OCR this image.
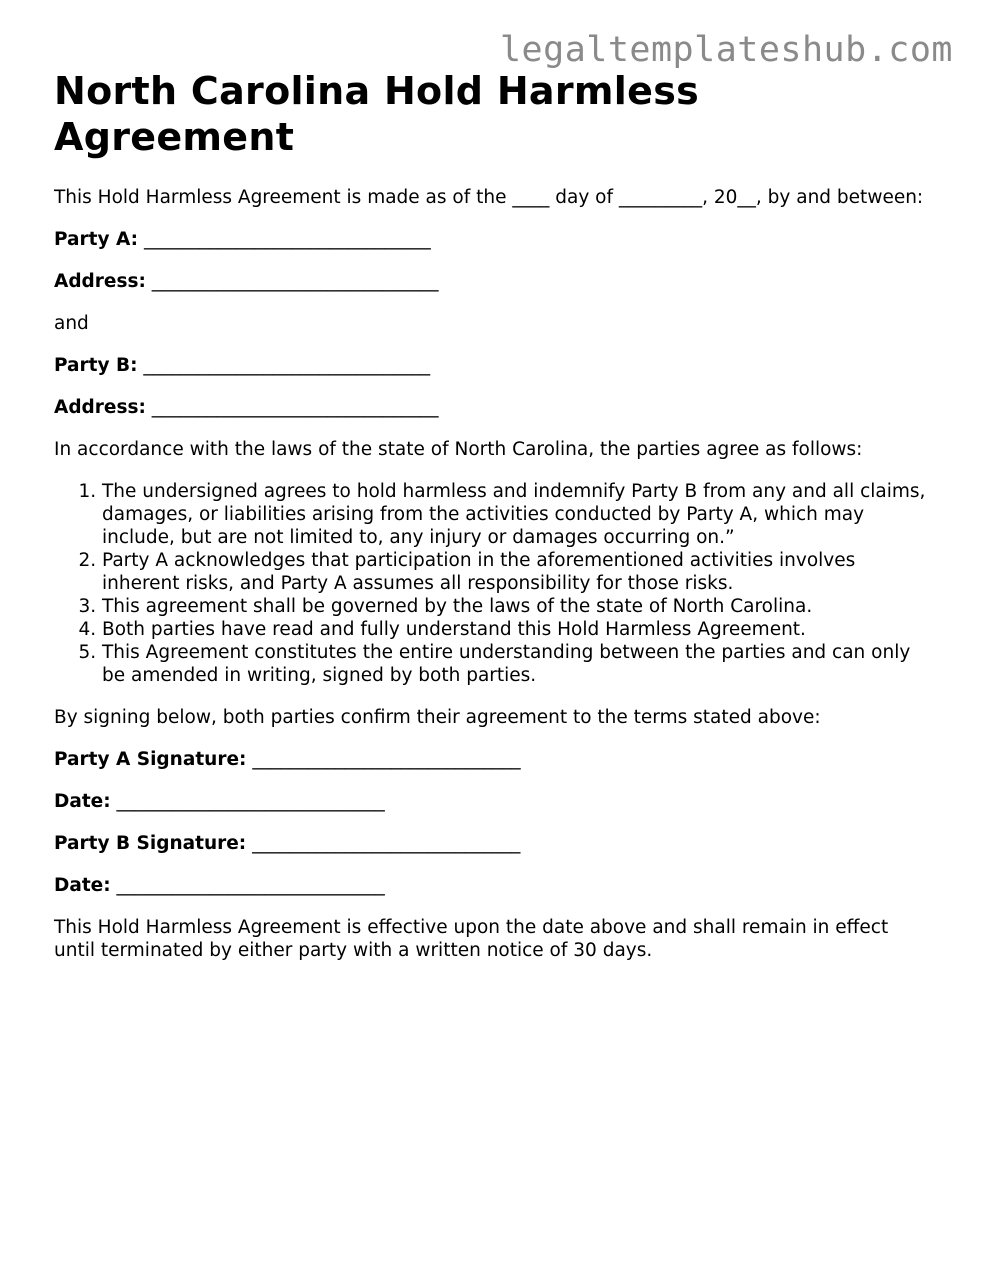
legaltemplateshub.com
North Carolina Hold Harmless Agreement

This Hold Harmless Agreement is made as of the ____ day of _________, 20__, by and between:

Party A: _______________________________

Address: _______________________________

and

Party B: _______________________________

Address: _______________________________

In accordance with the laws of the state of North Carolina, the parties agree as follows:

1. The undersigned agrees to hold harmless and indemnify Party B from any and all claims, damages, or liabilities arising from the activities conducted by Party A, which may include, but are not limited to, any injury or damages occurring on.”
2. Party A acknowledges that participation in the aforementioned activities involves inherent risks, and Party A assumes all responsibility for those risks.
3. This agreement shall be governed by the laws of the state of North Carolina.
4. Both parties have read and fully understand this Hold Harmless Agreement.
5. This Agreement constitutes the entire understanding between the parties and can only be amended in writing, signed by both parties.

By signing below, both parties confirm their agreement to the terms stated above:

Party A Signature: _____________________________

Date: _____________________________

Party B Signature: _____________________________

Date: _____________________________

This Hold Harmless Agreement is effective upon the date above and shall remain in effect until terminated by either party with a written notice of 30 days.
